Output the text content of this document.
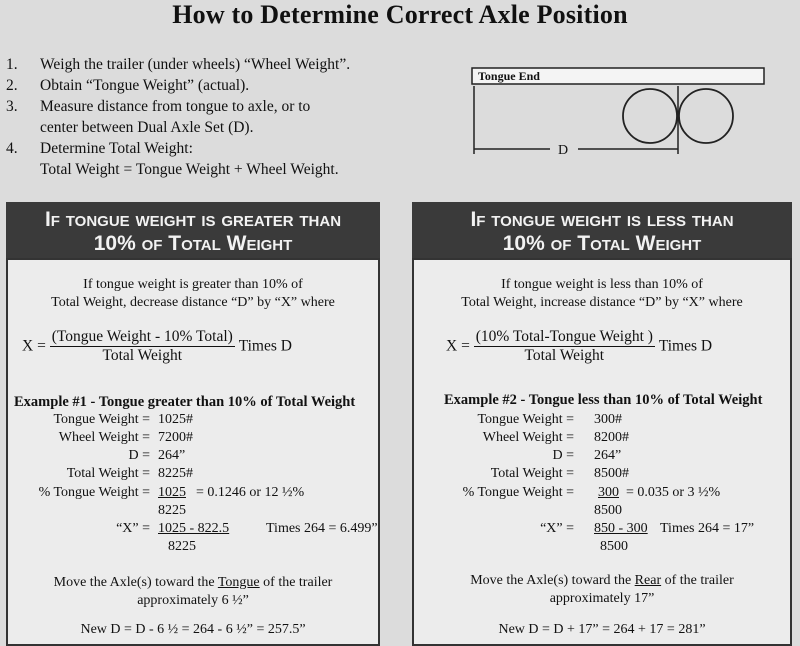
How to Determine Correct Axle Position
1.	Weigh the trailer (under wheels) “Wheel Weight”.
2.	Obtain “Tongue Weight” (actual).
3.	Measure distance from tongue to axle, or to
center between Dual Axle Set (D).
4.	Determine Total Weight:
Total Weight = Tongue Weight + Wheel Weight.
Tongue End
D
If tongue weight is greater than
10% of Total Weight
If tongue weight is greater than 10% of
Total Weight, decrease distance “D” by “X” where
$X = \frac{\text{(Tongue Weight - 10\% Total)}}{\text{Total Weight}}$ Times D
Example #1 - Tongue greater than 10% of Total Weight
Tongue Weight = 1025#
Wheel Weight = 7200#
D = 264”
Total Weight = 8225#
% Tongue Weight = 1025 = 0.1246 or 12 ½%
8225
“X” = 1025 - 822.5	Times 264 = 6.499”
8225
Move the Axle(s) toward the Tongue of the trailer
approximately 6 ½”
New D = D - 6 ½ = 264 - 6 ½” = 257.5”
If tongue weight is less than
10% of Total Weight
If tongue weight is less than 10% of
Total Weight, increase distance “D” by “X” where
$X = \frac{\text{(10\% Total-Tongue Weight )}}{\text{Total Weight}}$ Times D
Example #2 - Tongue less than 10% of Total Weight
Tongue Weight = 300#
Wheel Weight = 8200#
D = 264”
Total Weight = 8500#
% Tongue Weight = 300 = 0.035 or 3 ½%
8500
“X” = 850 - 300 Times 264 = 17”
8500
Move the Axle(s) toward the Rear of the trailer
approximately 17”
New D = D + 17” = 264 + 17 = 281”
